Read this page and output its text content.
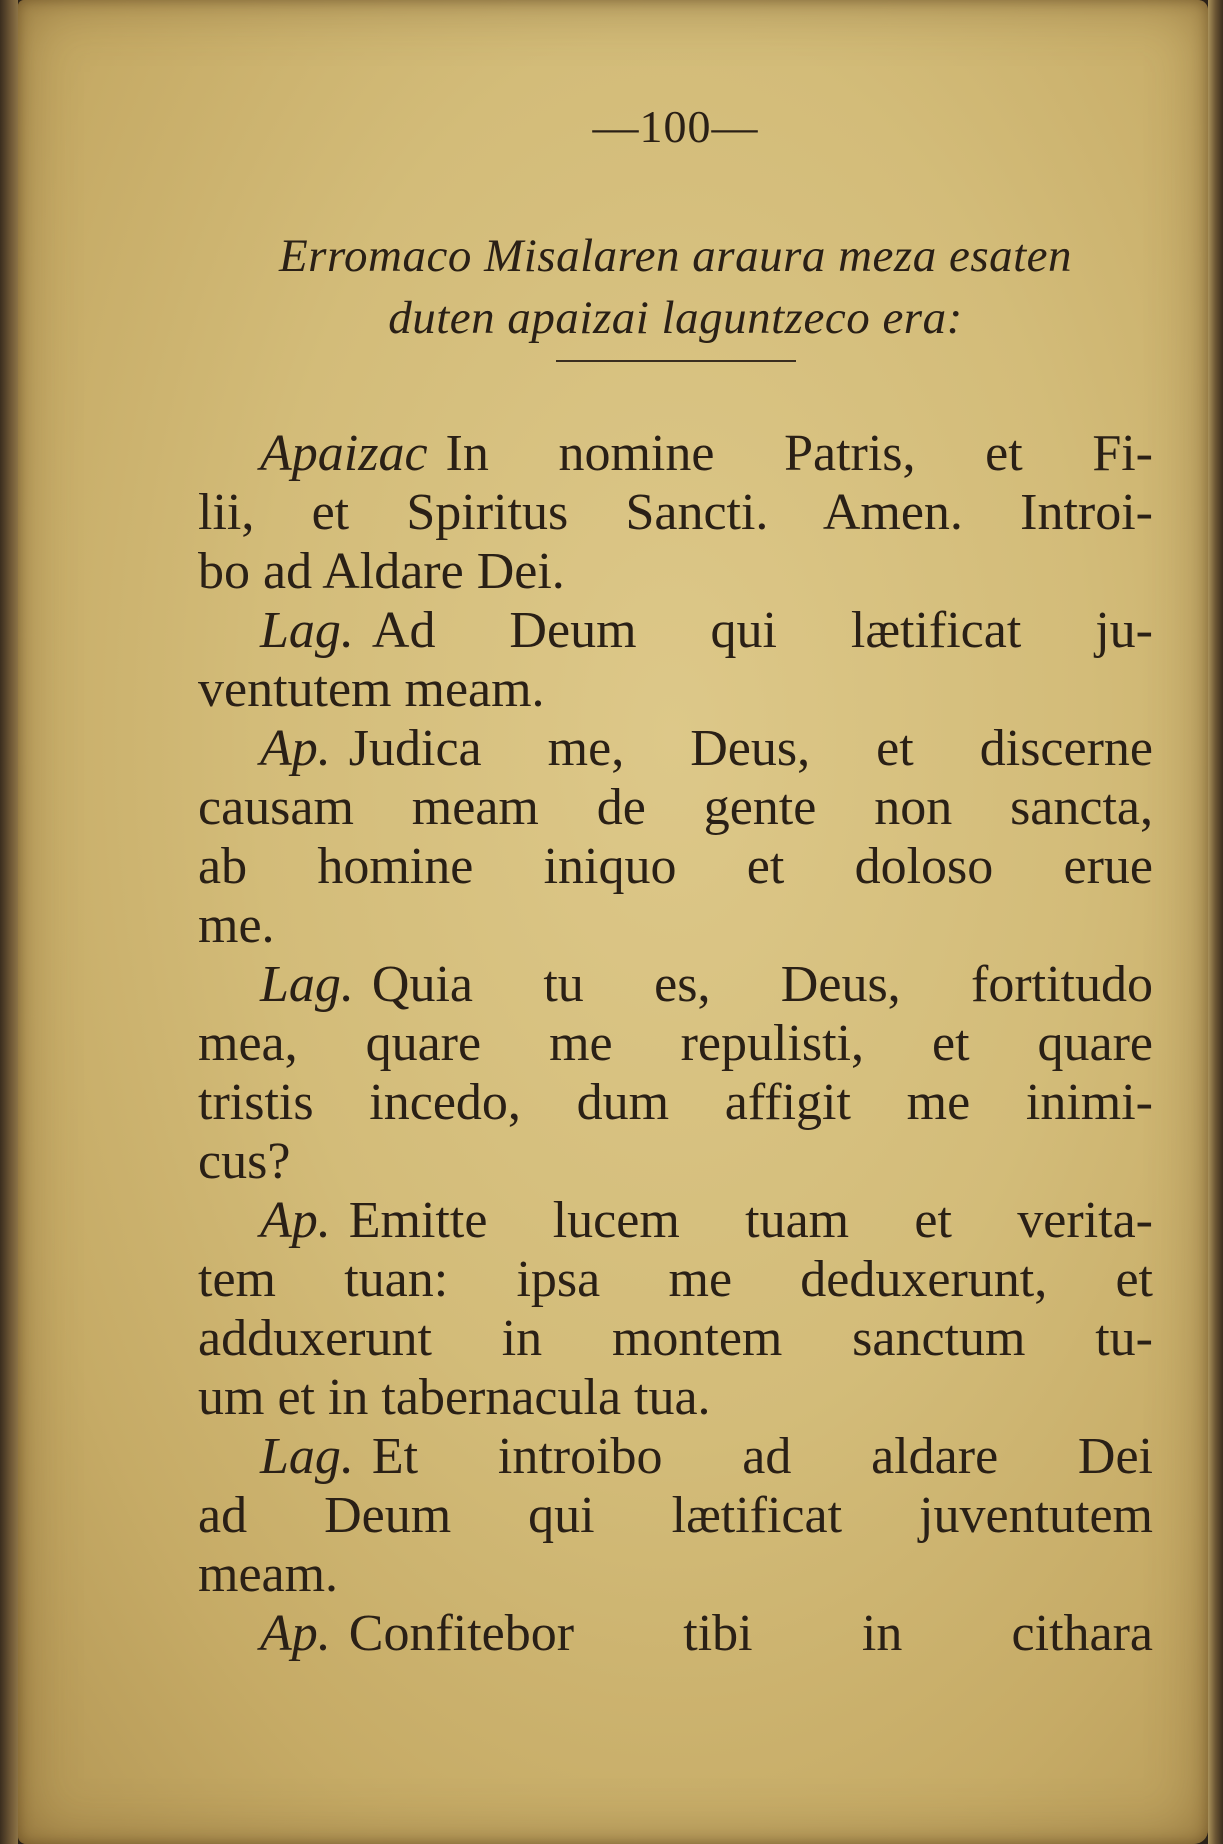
—100—
Erromaco Misalaren araura meza esaten
duten apaizai laguntzeco era:
Apaizac In nomine Patris, et Fi-
lii, et Spiritus Sancti. Amen. Introi-
bo ad Aldare Dei.
Lag. Ad Deum qui lætificat ju-
ventutem meam.
Ap. Judica me, Deus, et discerne
causam meam de gente non sancta,
ab homine iniquo et doloso erue
me.
Lag. Quia tu es, Deus, fortitudo
mea, quare me repulisti, et quare
tristis incedo, dum affigit me inimi-
cus?
Ap. Emitte lucem tuam et verita-
tem tuan: ipsa me deduxerunt, et
adduxerunt in montem sanctum tu-
um et in tabernacula tua.
Lag. Et introibo ad aldare Dei
ad Deum qui lætificat juventutem
meam.
Ap. Confitebor tibi in cithara
